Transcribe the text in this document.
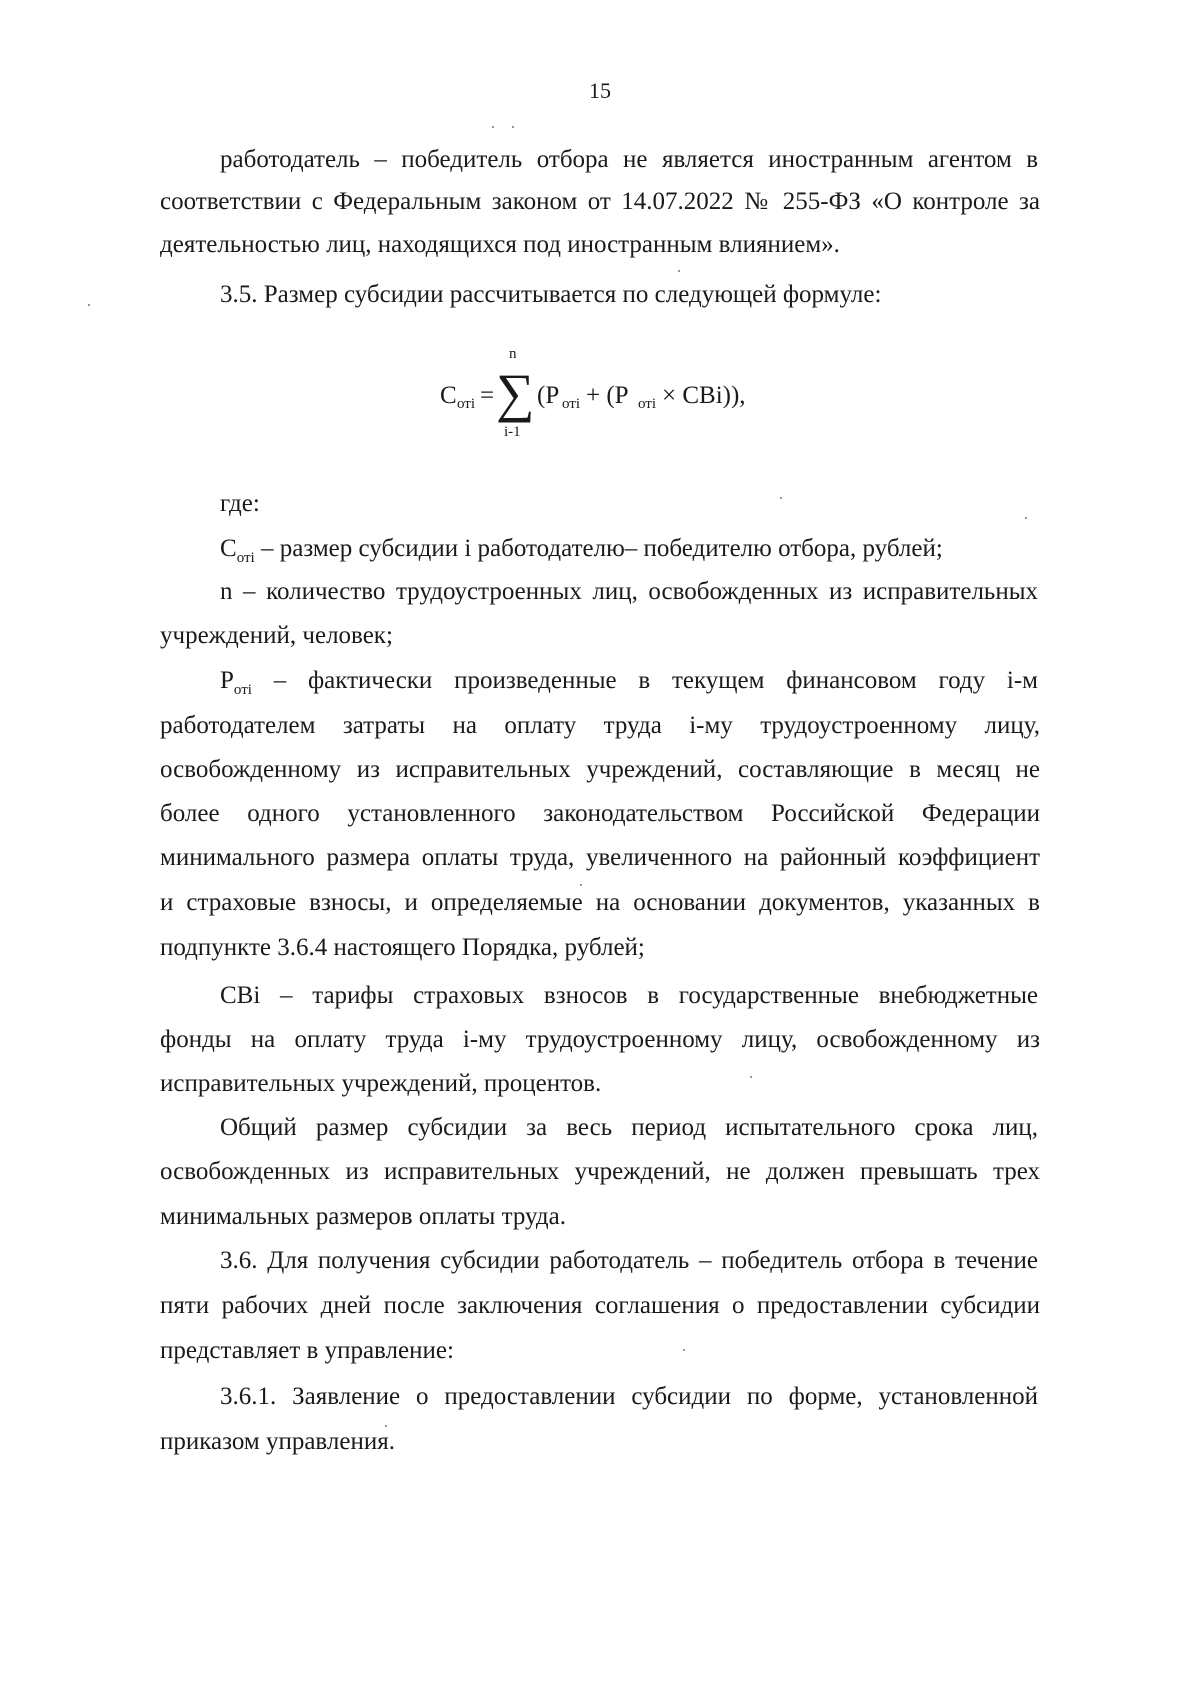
15
работодатель – победитель отбора не является иностранным агентом в
соответствии с Федеральным законом от 14.07.2022 № 255-ФЗ «О контроле за
деятельностью лиц, находящихся под иностранным влиянием».
3.5. Размер субсидии рассчитывается по следующей формуле:
C отi =
n
∑
i-1
(P отi + (P отi × CBi)),
где:
$C_{отi}$ – размер субсидии i работодателю– победителю отбора, рублей;
n – количество трудоустроенных лиц, освобожденных из исправительных
учреждений, человек;
$P_{отi}$ – фактически произведенные в текущем финансовом году i-м
работодателем затраты на оплату труда i-му трудоустроенному лицу,
освобожденному из исправительных учреждений, составляющие в месяц не
более одного установленного законодательством Российской Федерации
минимального размера оплаты труда, увеличенного на районный коэффициент
и страховые взносы, и определяемые на основании документов, указанных в
подпункте 3.6.4 настоящего Порядка, рублей;
CBi – тарифы страховых взносов в государственные внебюджетные
фонды на оплату труда i-му трудоустроенному лицу, освобожденному из
исправительных учреждений, процентов.
Общий размер субсидии за весь период испытательного срока лиц,
освобожденных из исправительных учреждений, не должен превышать трех
минимальных размеров оплаты труда.
3.6. Для получения субсидии работодатель – победитель отбора в течение
пяти рабочих дней после заключения соглашения о предоставлении субсидии
представляет в управление:
3.6.1. Заявление о предоставлении субсидии по форме, установленной
приказом управления.
